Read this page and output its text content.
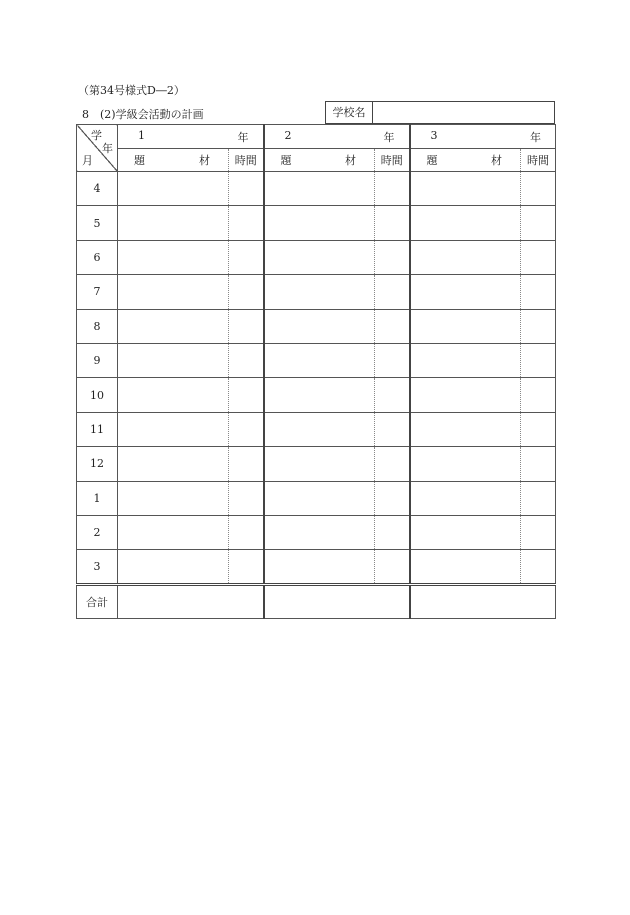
（第34号様式D―2）
8　(2)学級会活動の計画	学校名
学
年
月	1 年		2 年		3 年	

	題 材	時間	題 材	時間	題 材	時間

4						
5						
6						
7						
8						
9						
10						
11						
12						
1						
2						
3						
合計						
